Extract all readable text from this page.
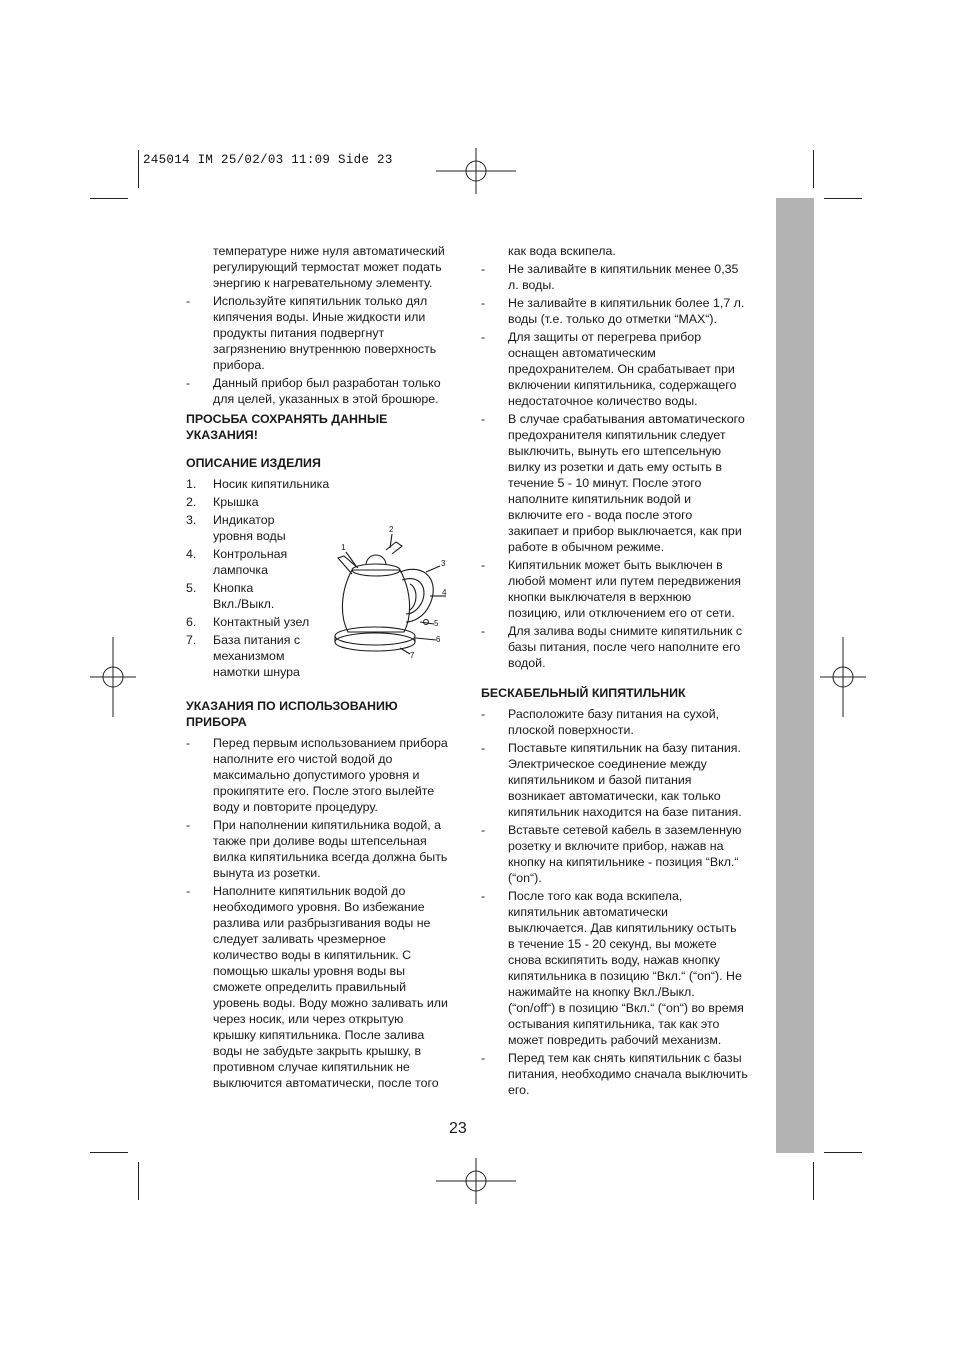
245014 IM 25/02/03 11:09 Side 23
температуре ниже нуля автоматический
регулирующий термостат может подать
энергию к нагревательному элементу.
- Используйте кипятильник только дял
кипячения воды. Иные жидкости или
продукты питания подвергнут
загрязнению внутреннюю поверхность
прибора.
- Данный прибор был разработан только
для целей, указанных в этой брошюре.
ПРОСЬБА СОХРАНЯТЬ ДАННЫЕ
УКАЗАНИЯ!
ОПИСАНИЕ ИЗДЕЛИЯ
1. Носик кипятильника
2. Крышка
3. Индикатор
уровня воды
4. Контрольная
лампочка
5. Кнопка
Вкл./Выкл.
6. Контактный узел
7. База питания с
механизмом
намотки шнура
УКАЗАНИЯ ПО ИСПОЛЬЗОВАНИЮ
ПРИБОРА
- Перед первым использованием прибора
наполните его чистой водой до
максимально допустимого уровня и
прокипятите его. После этого вылейте
воду и повторите процедуру.
- При наполнении кипятильника водой, а
также при доливе воды штепсельная
вилка кипятильника всегда должна быть
вынута из розетки.
- Наполните кипятильник водой до
необходимого уровня. Во избежание
разлива или разбрызгивания воды не
следует заливать чрезмерное
количество воды в кипятильник. С
помощью шкалы уровня воды вы
сможете определить правильный
уровень воды. Воду можно заливать или
через носик, или через открытую
крышку кипятильника. После залива
воды не забудьте закрыть крышку, в
противном случае кипятильник не
выключится автоматически, после того
1
2
3
4
5
6
7
как вода вскипела.
- Не заливайте в кипятильник менее 0,35
л. воды.
- Не заливайте в кипятильник более 1,7 л.
воды (т.е. только до отметки “MAX“).
- Для защиты от перегрева прибор
оснащен автоматическим
предохранителем. Он срабатывает при
включении кипятильника, содержащего
недостаточное количество воды.
- В случае срабатывания автоматического
предохранителя кипятильник следует
выключить, вынуть его штепсельную
вилку из розетки и дать ему остыть в
течение 5 - 10 минут. После этого
наполните кипятильник водой и
включите его - вода после этого
закипает и прибор выключается, как при
работе в обычном режиме.
- Кипятильник может быть выключен в
любой момент или путем передвижения
кнопки выключателя в верхнюю
позицию, или отключением его от сети.
- Для залива воды снимите кипятильник с
базы питания, после чего наполните его
водой.
БЕСКАБЕЛЬНЫЙ КИПЯТИЛЬНИК
- Расположите базу питания на сухой,
плоской поверхности.
- Поставьте кипятильник на базу питания.
Электрическое соединение между
кипятильником и базой питания
возникает автоматически, как только
кипятильник находится на базе питания.
- Вставьте сетевой кабель в заземленную
розетку и включите прибор, нажав на
кнопку на кипятильнике - позиция “Вкл.“
(“on“).
- После того как вода вскипела,
кипятильник автоматически
выключается. Дав кипятильнику остыть
в течение 15 - 20 секунд, вы можете
снова вскипятить воду, нажав кнопку
кипятильника в позицию “Вкл.“ (“on“). Не
нажимайте на кнопку Вкл./Выкл.
(“on/off“) в позицию “Вкл.“ (“on“) во время
остывания кипятильника, так как это
может повредить рабочий механизм.
- Перед тем как снять кипятильник с базы
питания, необходимо сначала выключить
его.
23
